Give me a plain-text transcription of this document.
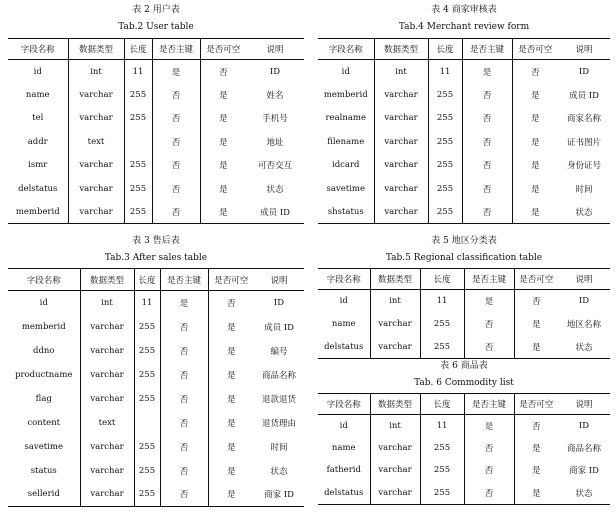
表 2 用户表
Tab.2 User table
字段名称	数据类型	长度	是否主键	是否可空	说明
id	int	11	是	否	ID
name	varchar	255	否	是	姓名
tel	varchar	255	否	是	手机号
addr	text		否	是	地址
ismr	varchar	255	否	是	可否交互
delstatus	varchar	255	否	是	状态
memberid	varchar	255	否	是	成员 ID
表 4 商家审核表
Tab.4 Merchant review form
字段名称	数据类型	长度	是否主键	是否可空	说明
id	int	11	是	否	ID
memberid	varchar	255	否	是	成员 ID
realname	varchar	255	否	是	商家名称
filename	varchar	255	否	是	证书图片
idcard	varchar	255	否	是	身份证号
savetime	varchar	255	否	是	时间
shstatus	varchar	255	否	是	状态
表 3 售后表
Tab.3 After sales table
字段名称	数据类型	长度	是否主键	是否可空	说明
id	int	11	是	否	ID
memberid	varchar	255	否	是	成员 ID
ddno	varchar	255	否	是	编号
productname	varchar	255	否	是	商品名称
flag	varchar	255	否	是	退款退货
content	text		否	是	退货理由
savetime	varchar	255	否	是	时间
status	varchar	255	否	是	状态
sellerid	varchar	255	否	是	商家 ID
表 5 地区分类表
Tab.5 Regional classification table
字段名称	数据类型	长度	是否主键	是否可空	说明
id	int	11	是	否	ID
name	varchar	255	否	是	地区名称
delstatus	varchar	255	否	是	状态
表 6 商品表
Tab. 6 Commodity list
字段名称	数据类型	长度	是否主键	是否可空	说明
id	int	11	是	否	ID
name	varchar	255	否	是	商品名称
fatherid	varchar	255	否	是	商家 ID
delstatus	varchar	255	否	是	状态
